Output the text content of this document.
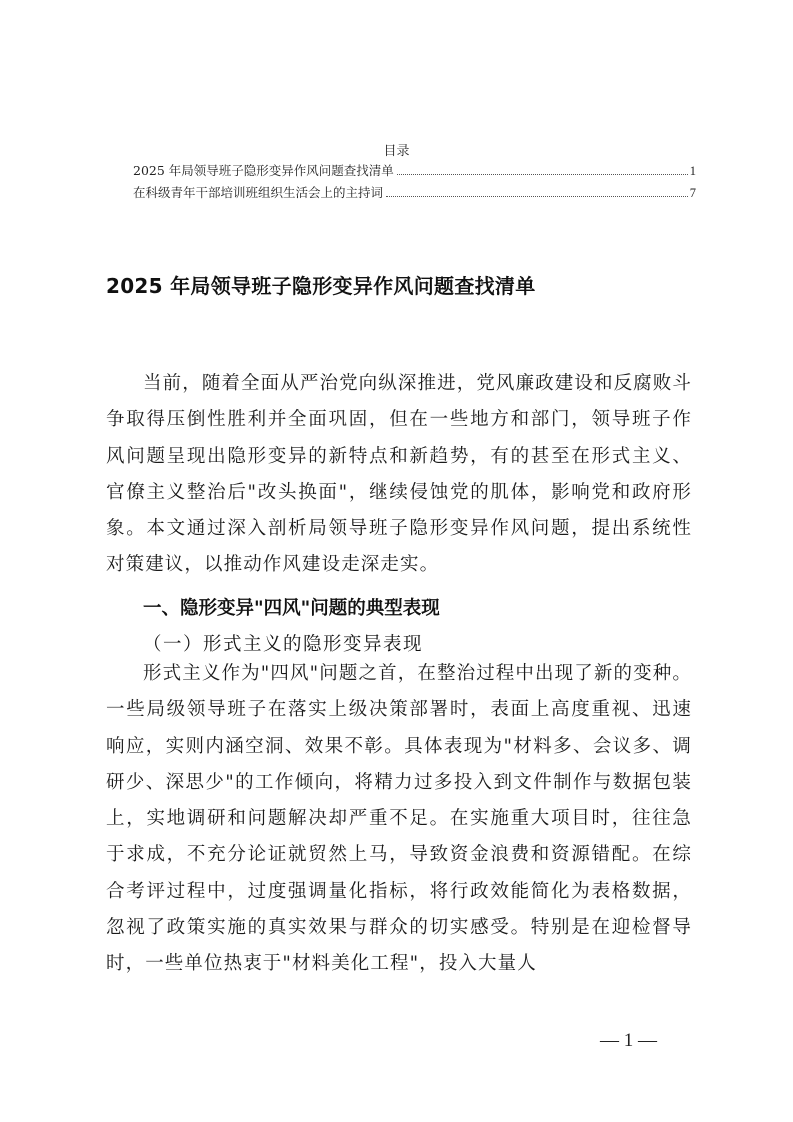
目录
2025 年局领导班子隐形变异作风问题查找清单	1
在科级青年干部培训班组织生活会上的主持词	7
2025 年局领导班子隐形变异作风问题查找清单
当前，随着全面从严治党向纵深推进，党风廉政建设和反腐败斗争取得压倒性胜利并全面巩固，但在一些地方和部门，领导班子作风问题呈现出隐形变异的新特点和新趋势，有的甚至在形式主义、官僚主义整治后"改头换面"，继续侵蚀党的肌体，影响党和政府形象。本文通过深入剖析局领导班子隐形变异作风问题，提出系统性对策建议，以推动作风建设走深走实。
一、隐形变异"四风"问题的典型表现
（一）形式主义的隐形变异表现
形式主义作为"四风"问题之首，在整治过程中出现了新的变种。一些局级领导班子在落实上级决策部署时，表面上高度重视、迅速响应，实则内涵空洞、效果不彰。具体表现为"材料多、会议多、调研少、深思少"的工作倾向，将精力过多投入到文件制作与数据包装上，实地调研和问题解决却严重不足。在实施重大项目时，往往急于求成，不充分论证就贸然上马，导致资金浪费和资源错配。在综合考评过程中，过度强调量化指标，将行政效能简化为表格数据，忽视了政策实施的真实效果与群众的切实感受。特别是在迎检督导时，一些单位热衷于"材料美化工程"，投入大量人
— 1 —
